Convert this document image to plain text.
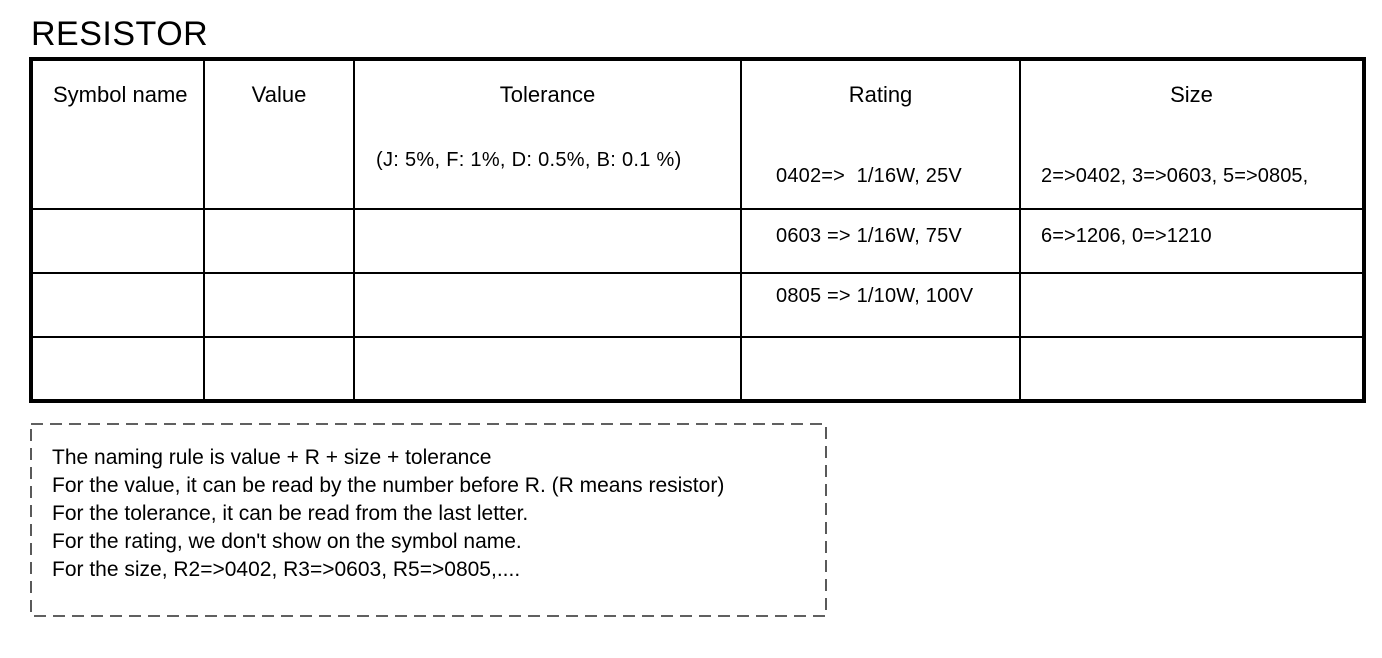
RESISTOR
Symbol name	Value	Tolerance
(J: 5%, F: 1%, D: 0.5%, B: 0.1 %)
Rating

0402=>  1/16W, 25V

0603 => 1/16W, 75V

0805 => 1/10W, 100V

Size

2=>0402, 3=>0603, 5=>0805,

6=>1206, 0=>1210

The naming rule is value + R + size + tolerance
For the value, it can be read by the number before R. (R means resistor)
For the tolerance, it can be read from the last letter.
For the rating, we don't show on the symbol name.
For the size, R2=>0402, R3=>0603, R5=>0805,....
